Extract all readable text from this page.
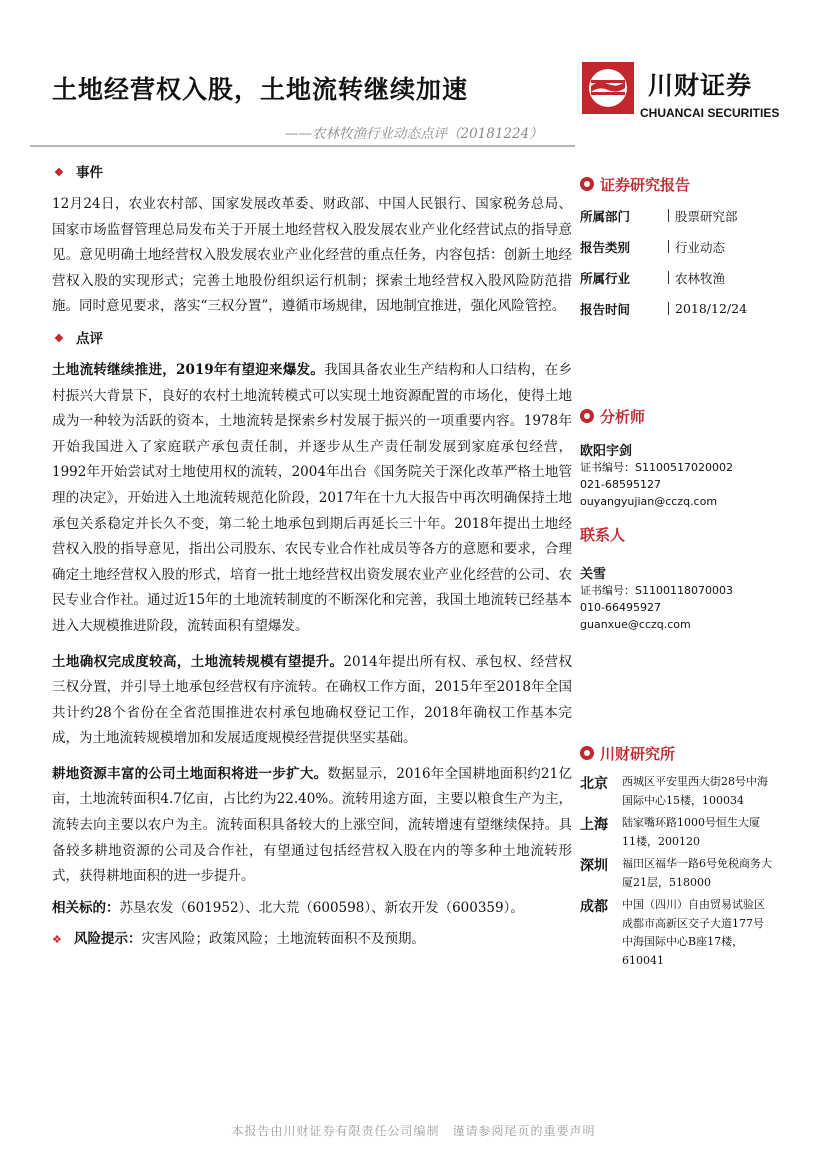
土地经营权入股，土地流转继续加速
——农林牧渔行业动态点评（20181224）
川财证券
CHUANCAI SECURITIES
❖ 事件

12月24日，农业农村部、国家发展改革委、财政部、中国人民银行、国家税务总局、国家市场监督管理总局发布关于开展土地经营权入股发展农业产业化经营试点的指导意见。意见明确土地经营权入股发展农业产业化经营的重点任务，内容包括：创新土地经营权入股的实现形式；完善土地股份组织运行机制；探索土地经营权入股风险防范措施。同时意见要求，落实“三权分置”，遵循市场规律，因地制宜推进，强化风险管控。

❖ 点评

土地流转继续推进，2019年有望迎来爆发。我国具备农业生产结构和人口结构，在乡村振兴大背景下，良好的农村土地流转模式可以实现土地资源配置的市场化，使得土地成为一种较为活跃的资本，土地流转是探索乡村发展于振兴的一项重要内容。1978年开始我国进入了家庭联产承包责任制，并逐步从生产责任制发展到家庭承包经营，1992年开始尝试对土地使用权的流转，2004年出台《国务院关于深化改革严格土地管理的决定》，开始进入土地流转规范化阶段，2017年在十九大报告中再次明确保持土地承包关系稳定并长久不变，第二轮土地承包到期后再延长三十年。2018年提出土地经营权入股的指导意见，指出公司股东、农民专业合作社成员等各方的意愿和要求，合理确定土地经营权入股的形式，培育一批土地经营权出资发展农业产业化经营的公司、农民专业合作社。通过近15年的土地流转制度的不断深化和完善，我国土地流转已经基本进入大规模推进阶段，流转面积有望爆发。

土地确权完成度较高，土地流转规模有望提升。2014年提出所有权、承包权、经营权三权分置，并引导土地承包经营权有序流转。在确权工作方面，2015年至2018年全国共计约28个省份在全省范围推进农村承包地确权登记工作，2018年确权工作基本完成，为土地流转规模增加和发展适度规模经营提供坚实基础。

耕地资源丰富的公司土地面积将进一步扩大。数据显示，2016年全国耕地面积约21亿亩，土地流转面积4.7亿亩，占比约为22.40%。流转用途方面，主要以粮食生产为主，流转去向主要以农户为主。流转面积具备较大的上涨空间，流转增速有望继续保持。具备较多耕地资源的公司及合作社，有望通过包括经营权入股在内的等多种土地流转形式，获得耕地面积的进一步提升。

相关标的：苏垦农发（601952）、北大荒（600598）、新农开发（600359）。

❖ 风险提示：灾害风险；政策风险；土地流转面积不及预期。

证券研究报告
所属部门	股票研究部
报告类别	行业动态
所属行业	农林牧渔
报告时间	2018/12/24
分析师
欧阳宇剑
证书编号：S1100517020002
021-68595127
ouyangyujian@cczq.com
联系人
关雪
证书编号：S1100118070003
010-66495927
guanxue@cczq.com
川财研究所
北京	西城区平安里西大街28号中海国际中心15楼，100034
上海	陆家嘴环路1000号恒生大厦11楼，200120
深圳	福田区福华一路6号免税商务大厦21层，518000
成都	中国（四川）自由贸易试验区成都市高新区交子大道177号中海国际中心B座17楼，610041
本报告由川财证券有限责任公司编制　谨请参阅尾页的重要声明
